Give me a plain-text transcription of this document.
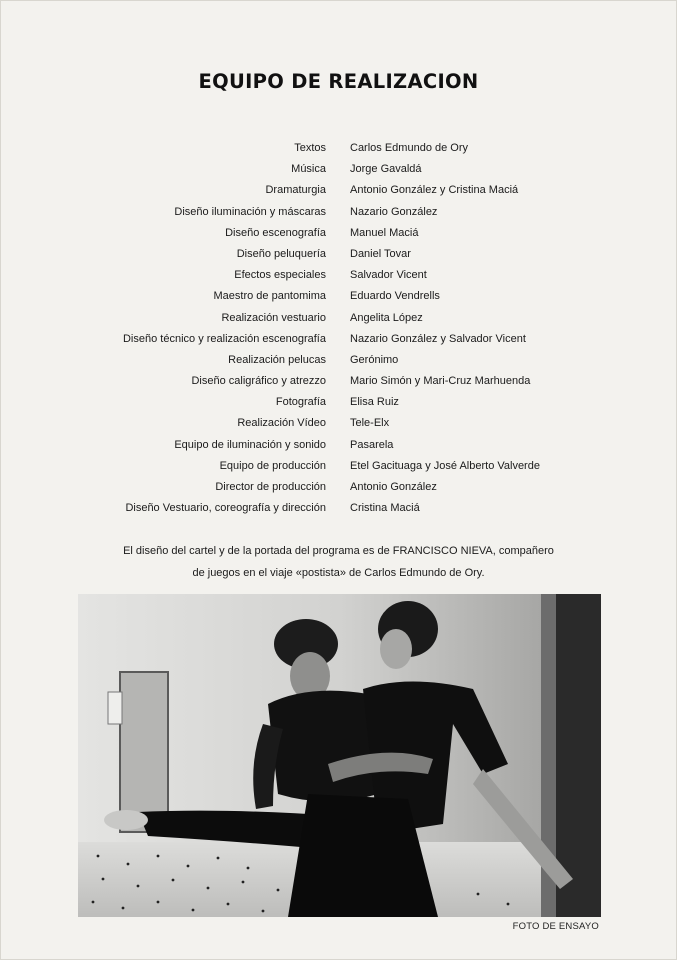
EQUIPO DE REALIZACION
Textos Carlos Edmundo de Ory
Música Jorge Gavaldá
Dramaturgia Antonio González y Cristina Maciá
Diseño iluminación y máscaras Nazario González
Diseño escenografía Manuel Maciá
Diseño peluquería Daniel Tovar
Efectos especiales Salvador Vicent
Maestro de pantomima Eduardo Vendrells
Realización vestuario Angelita López
Diseño técnico y realización escenografía Nazario González y Salvador Vicent
Realización pelucas Gerónimo
Diseño caligráfico y atrezzo Mario Simón y Mari-Cruz Marhuenda
Fotografía Elisa Ruiz
Realización Vídeo Tele-Elx
Equipo de iluminación y sonido Pasarela
Equipo de producción Etel Gacituaga y José Alberto Valverde
Director de producción Antonio González
Diseño Vestuario, coreografía y dirección Cristina Maciá
El diseño del cartel y de la portada del programa es de FRANCISCO NIEVA, compañero
de juegos en el viaje «postista» de Carlos Edmundo de Ory.
FOTO DE ENSAYO
